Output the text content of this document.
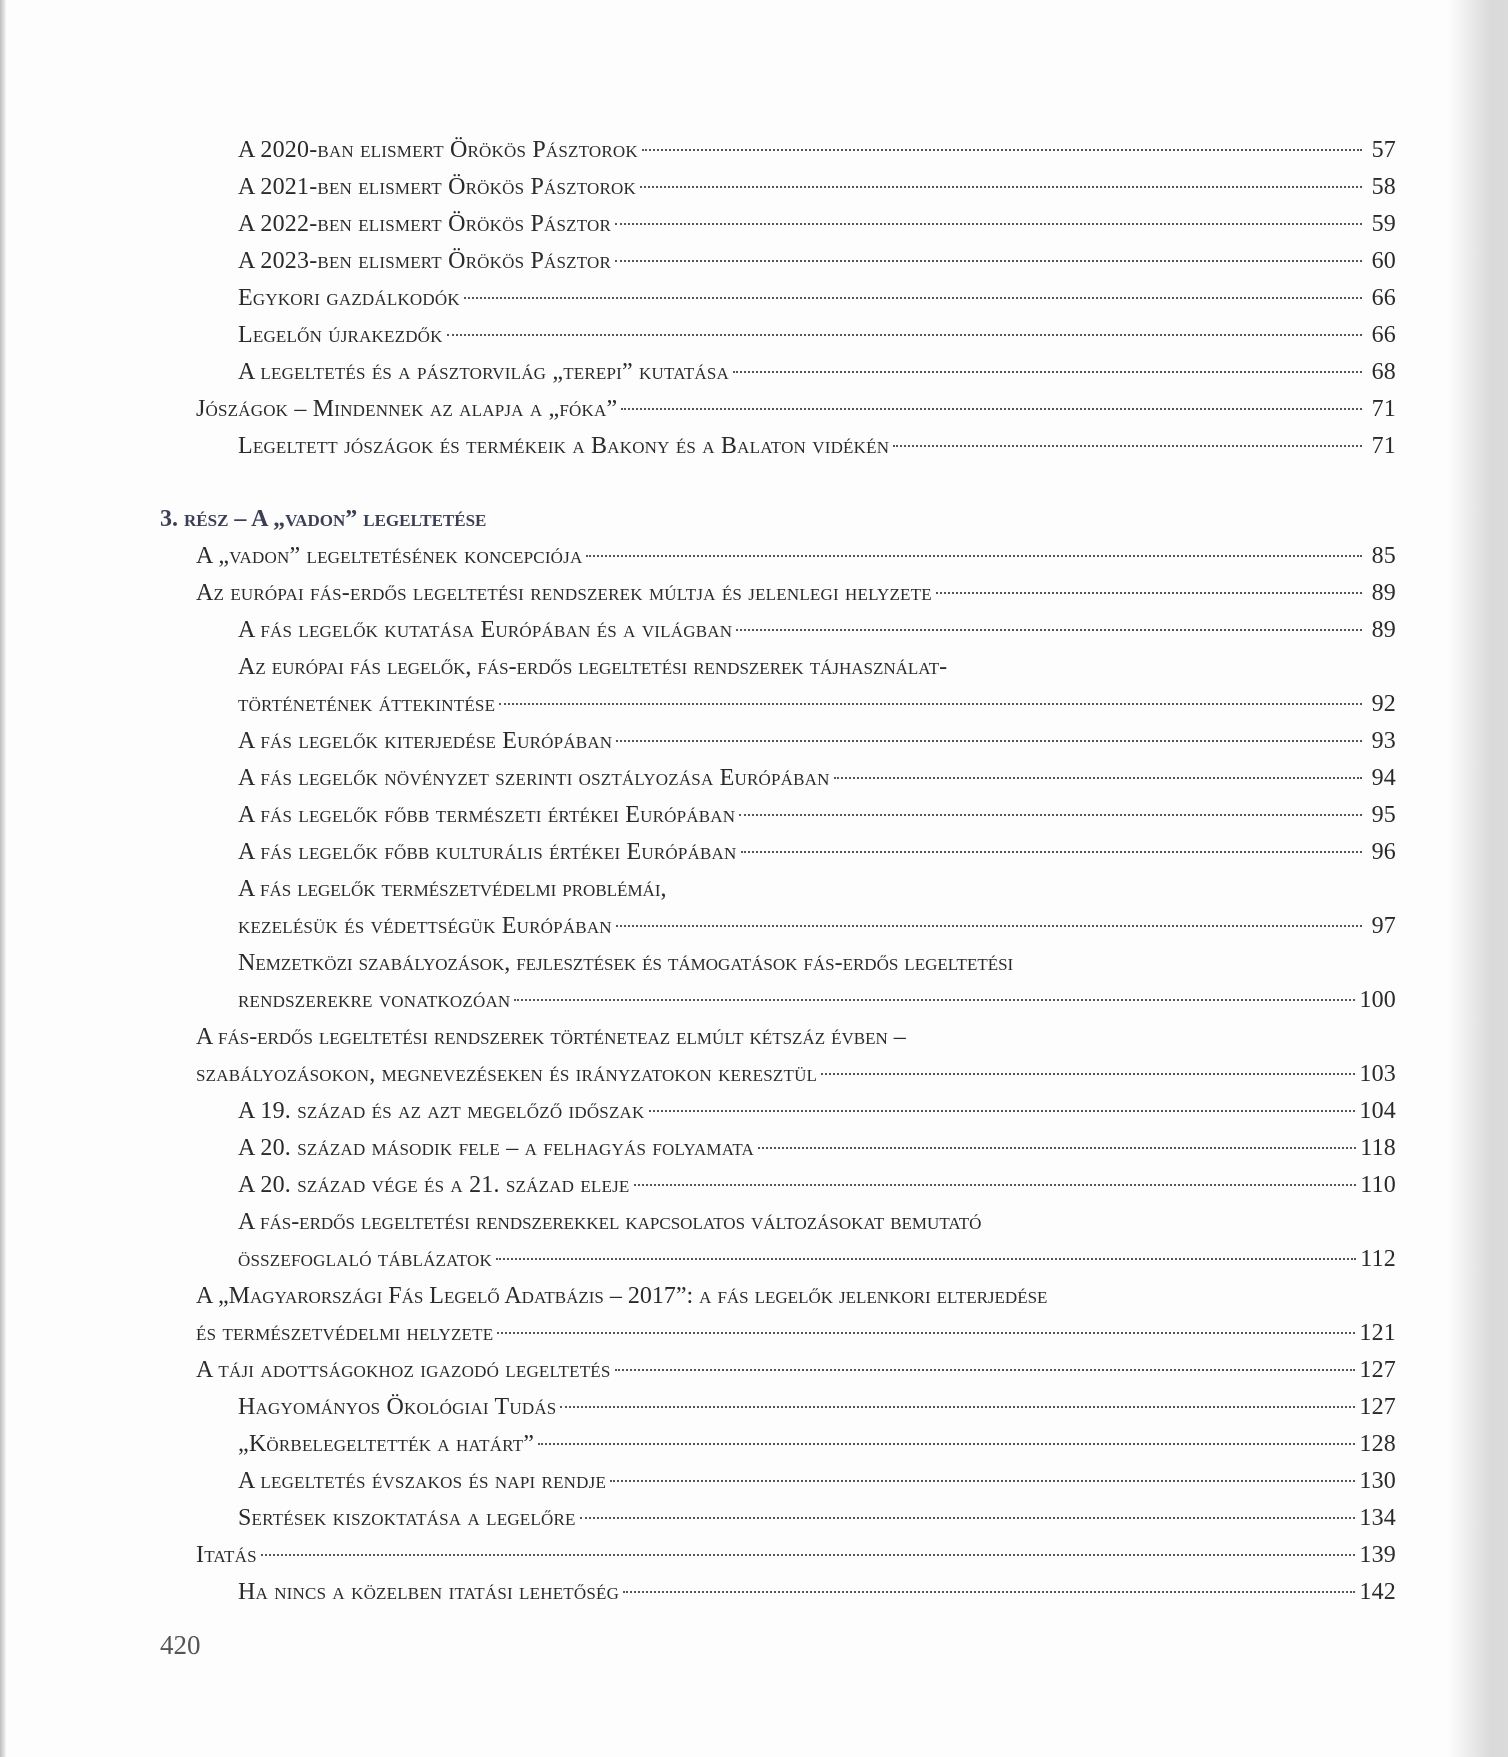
A 2020-ban elismert Örökös Pásztorok	57
A 2021-ben elismert Örökös Pásztorok	58
A 2022-ben elismert Örökös Pásztor	59
A 2023-ben elismert Örökös Pásztor	60
Egykori gazdálkodók	66
Legelőn újrakezdők	66
A legeltetés és a pásztorvilág „terepi” kutatása	68
Jószágok – Mindennek az alapja a „fóka”	71
Legeltett jószágok és termékeik a Bakony és a Balaton vidékén	71
3. rész – A „vadon” legeltetése
A „vadon” legeltetésének koncepciója	85
Az európai fás-erdős legeltetési rendszerek múltja és jelenlegi helyzete	89
A fás legelők kutatása Európában és a világban	89
Az európai fás legelők, fás-erdős legeltetési rendszerek tájhasználat-
történetének áttekintése	92
A fás legelők kiterjedése Európában	93
A fás legelők növényzet szerinti osztályozása Európában	94
A fás legelők főbb természeti értékei Európában	95
A fás legelők főbb kulturális értékei Európában	96
A fás legelők természetvédelmi problémái,
kezelésük és védettségük Európában	97
Nemzetközi szabályozások, fejlesztések és támogatások fás-erdős legeltetési
rendszerekre vonatkozóan	100
A fás-erdős legeltetési rendszerek történeteaz elmúlt kétszáz évben –
szabályozásokon, megnevezéseken és irányzatokon keresztül	103
A 19. század és az azt megelőző időszak	104
A 20. század második fele – a felhagyás folyamata	118
A 20. század vége és a 21. század eleje	110
A fás-erdős legeltetési rendszerekkel kapcsolatos változásokat bemutató
összefoglaló táblázatok	112
A „Magyarországi Fás Legelő Adatbázis – 2017”: a fás legelők jelenkori elterjedése
és természetvédelmi helyzete	121
A táji adottságokhoz igazodó legeltetés	127
Hagyományos Ökológiai Tudás	127
„Körbelegeltették a határt”	128
A legeltetés évszakos és napi rendje	130
Sertések kiszoktatása a legelőre	134
Itatás	139
Ha nincs a közelben itatási lehetőség	142
420
